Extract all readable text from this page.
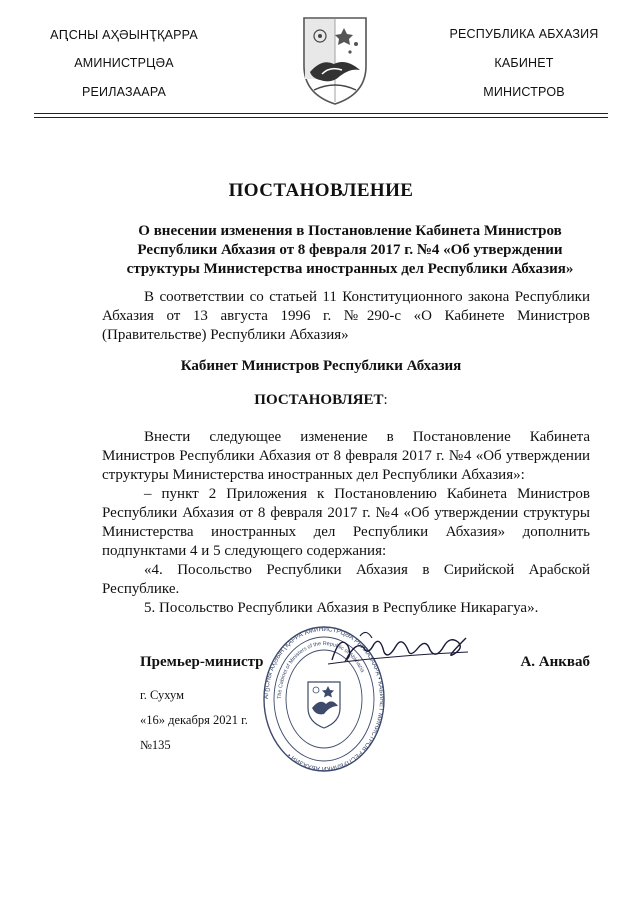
АԤСНЫ АҲӘЫНҬҚАРРА
АМИНИСТРЦӘА
РЕИЛАЗААРА
РЕСПУБЛИКА АБХАЗИЯ
КАБИНЕТ
МИНИСТРОВ
ПОСТАНОВЛЕНИЕ
О внесении изменения в Постановление Кабинета Министров Республики Абхазия от 8 февраля 2017 г. №4 «Об утверждении структуры Министерства иностранных дел Республики Абхазия»
В соответствии со статьей 11 Конституционного закона Республики Абхазия от 13 августа 1996 г. №290-с «О Кабинете Министров (Правительстве) Республики Абхазия»
Кабинет Министров Республики Абхазия
ПОСТАНОВЛЯЕТ:

Внести следующее изменение в Постановление Кабинета Министров Республики Абхазия от 8 февраля 2017 г. №4 «Об утверждении структуры Министерства иностранных дел Республики Абхазия»:

– пункт 2 Приложения к Постановлению Кабинета Министров Республики Абхазия от 8 февраля 2017 г. №4 «Об утверждении структуры Министерства иностранных дел Республики Абхазия» дополнить подпунктами 4 и 5 следующего содержания:

«4. Посольство Республики Абхазия в Сирийской Арабской Республике.

5. Посольство Республики Абхазия в Республике Никарагуа».

АҦСНЫ АҲӘЫНҬҚАРРА АМИНИСТРЦӘА РЕИЛАЗААРА • КАБИНЕТ МИНИСТРОВ РЕСПУБЛИКИ АБХАЗИЯ •
The Cabinet of Ministers of the Republic of Abkhazia
Премьер-министр	А. Анкваб
г. Сухум
«16» декабря 2021 г.
№135
